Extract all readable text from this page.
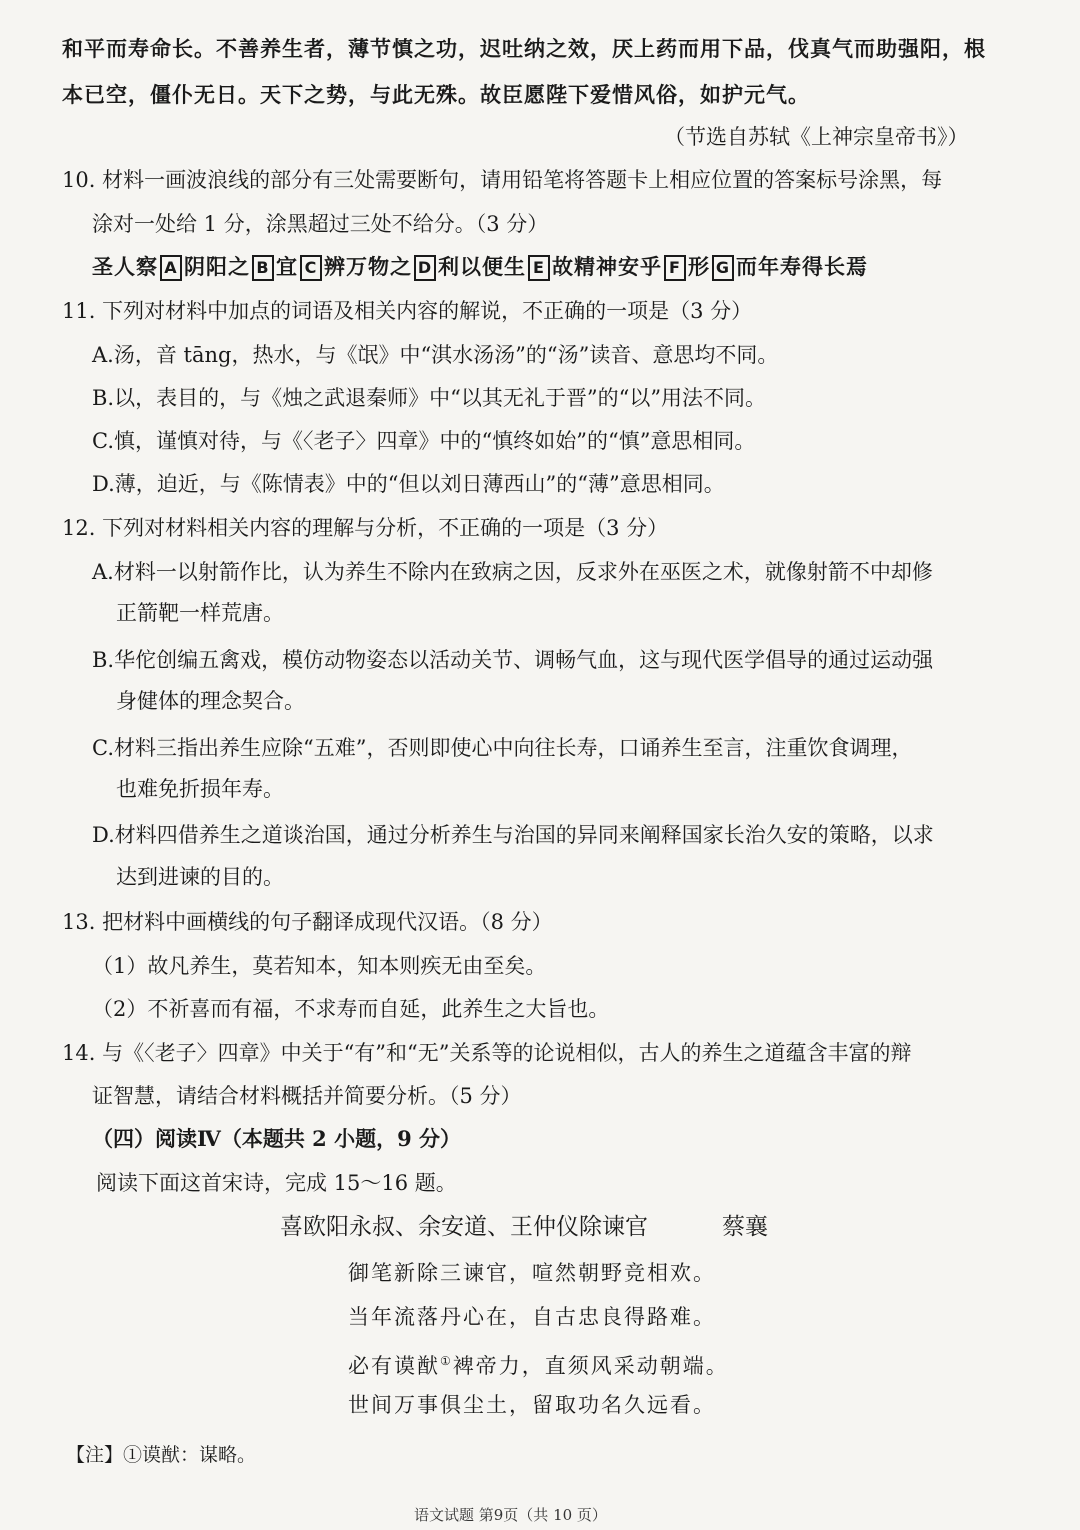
和平而寿命长。不善养生者，薄节慎之功，迟吐纳之效，厌上药而用下品，伐真气而助强阳，根
本已空，僵仆无日。天下之势，与此无殊。故臣愿陛下爱惜风俗，如护元气。
（节选自苏轼《上神宗皇帝书》）
10. 材料一画波浪线的部分有三处需要断句，请用铅笔将答题卡上相应位置的答案标号涂黑，每
涂对一处给 1 分，涂黑超过三处不给分。（3 分）
圣人察 A 阴阳之 B 宜 C 辨万物之 D 利以便生 E 故精神安乎 F 形 G 而年寿得长焉
11. 下列对材料中加点的词语及相关内容的解说，不正确的一项是（3 分）
A.汤，音 tāng，热水，与《氓》中“淇水汤汤”的“汤”读音、意思均不同。
B.以，表目的，与《烛之武退秦师》中“以其无礼于晋”的“以”用法不同。
C.慎，谨慎对待，与《〈老子〉四章》中的“慎终如始”的“慎”意思相同。
D.薄，迫近，与《陈情表》中的“但以刘日薄西山”的“薄”意思相同。
12. 下列对材料相关内容的理解与分析，不正确的一项是（3 分）
A.材料一以射箭作比，认为养生不除内在致病之因，反求外在巫医之术，就像射箭不中却修
正箭靶一样荒唐。
B.华佗创编五禽戏，模仿动物姿态以活动关节、调畅气血，这与现代医学倡导的通过运动强
身健体的理念契合。
C.材料三指出养生应除“五难”，否则即使心中向往长寿，口诵养生至言，注重饮食调理，
也难免折损年寿。
D.材料四借养生之道谈治国，通过分析养生与治国的异同来阐释国家长治久安的策略，以求
达到进谏的目的。
13. 把材料中画横线的句子翻译成现代汉语。（8 分）
（1）故凡养生，莫若知本，知本则疾无由至矣。
（2）不祈喜而有福，不求寿而自延，此养生之大旨也。
14. 与《〈老子〉四章》中关于“有”和“无”关系等的论说相似，古人的养生之道蕴含丰富的辩
证智慧，请结合材料概括并简要分析。（5 分）
（四）阅读Ⅳ（本题共 2 小题，9 分）
阅读下面这首宋诗，完成 15～16 题。
喜欧阳永叔、余安道、王仲仪除谏官	蔡襄
御笔新除三谏官，喧然朝野竞相欢。
当年流落丹心在，自古忠良得路难。
必有谟猷①裨帝力，直须风采动朝端。
世间万事俱尘土，留取功名久远看。
【注】①谟猷：谋略。
语文试题 第9页（共 10 页）
